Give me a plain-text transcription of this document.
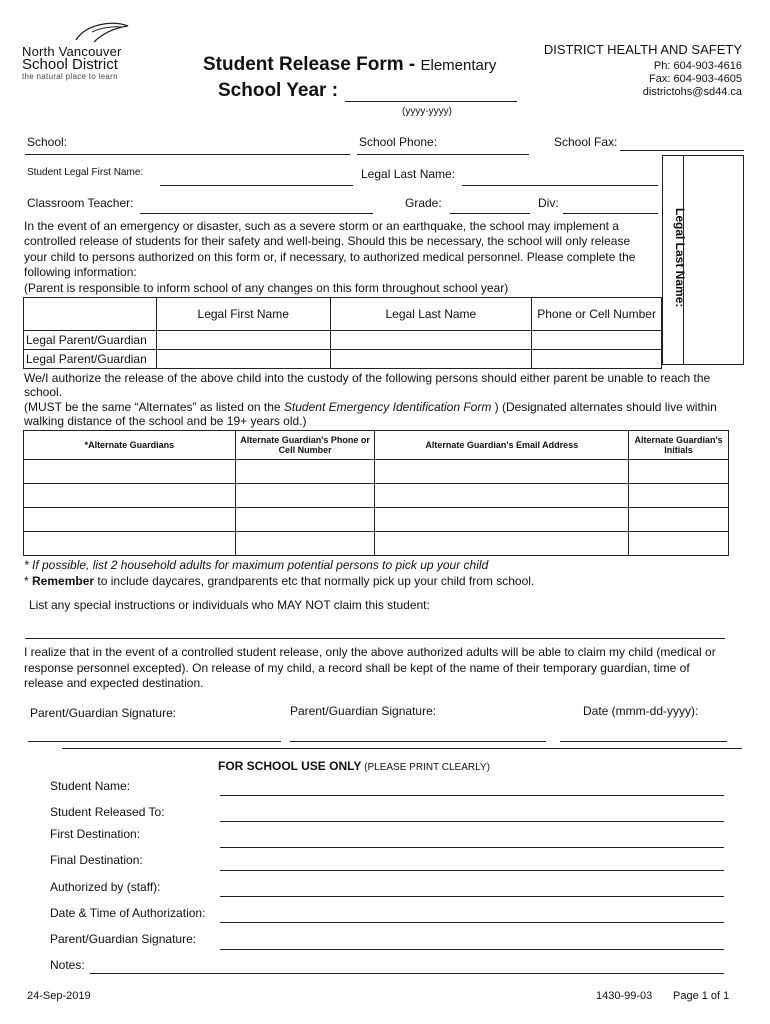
North Vancouver
School District
the natural place to learn
Student Release Form - Elementary
School Year :
(yyyy-yyyy)
DISTRICT HEALTH AND SAFETY
Ph: 604-903-4616
Fax: 604-903-4605
districtohs@sd44.ca
School:	School Phone:	School Fax:
Student Legal First Name:	Legal Last Name:
Classroom Teacher:	Grade:	Div:
Legal Last Name:
In the event of an emergency or disaster, such as a severe storm or an earthquake, the school may implement a controlled release of students for their safety and well-being. Should this be necessary, the school will only release your child to persons authorized on this form or, if necessary, to authorized medical personnel. Please complete the following information:
(Parent is responsible to inform school of any changes on this form throughout school year)
	Legal First Name	Legal Last Name	Phone or Cell Number
Legal Parent/Guardian			
Legal Parent/Guardian			
We/I authorize the release of the above child into the custody of the following persons should either parent be unable to reach the school.
(MUST be the same “Alternates” as listed on the Student Emergency Identification Form ) (Designated alternates should live within walking distance of the school and be 19+ years old.)
*Alternate Guardians	Alternate Guardian's Phone or Cell Number	Alternate Guardian's Email Address	Alternate Guardian's Initials

* If possible, list 2 household adults for maximum potential persons to pick up your child
* Remember to include daycares, grandparents etc that normally pick up your child from school.
List any special instructions or individuals who MAY NOT claim this student:
I realize that in the event of a controlled student release, only the above authorized adults will be able to claim my child (medical or response personnel excepted). On release of my child, a record shall be kept of the name of their temporary guardian, time of release and expected destination.
Parent/Guardian Signature:	Parent/Guardian Signature:	Date (mmm-dd-yyyy):
FOR SCHOOL USE ONLY (PLEASE PRINT CLEARLY)
Student Name:
Student Released To:
First Destination:
Final Destination:
Authorized by (staff):
Date & Time of Authorization:
Parent/Guardian Signature:
Notes:
24-Sep-2019	1430-99-03 Page 1 of 1
